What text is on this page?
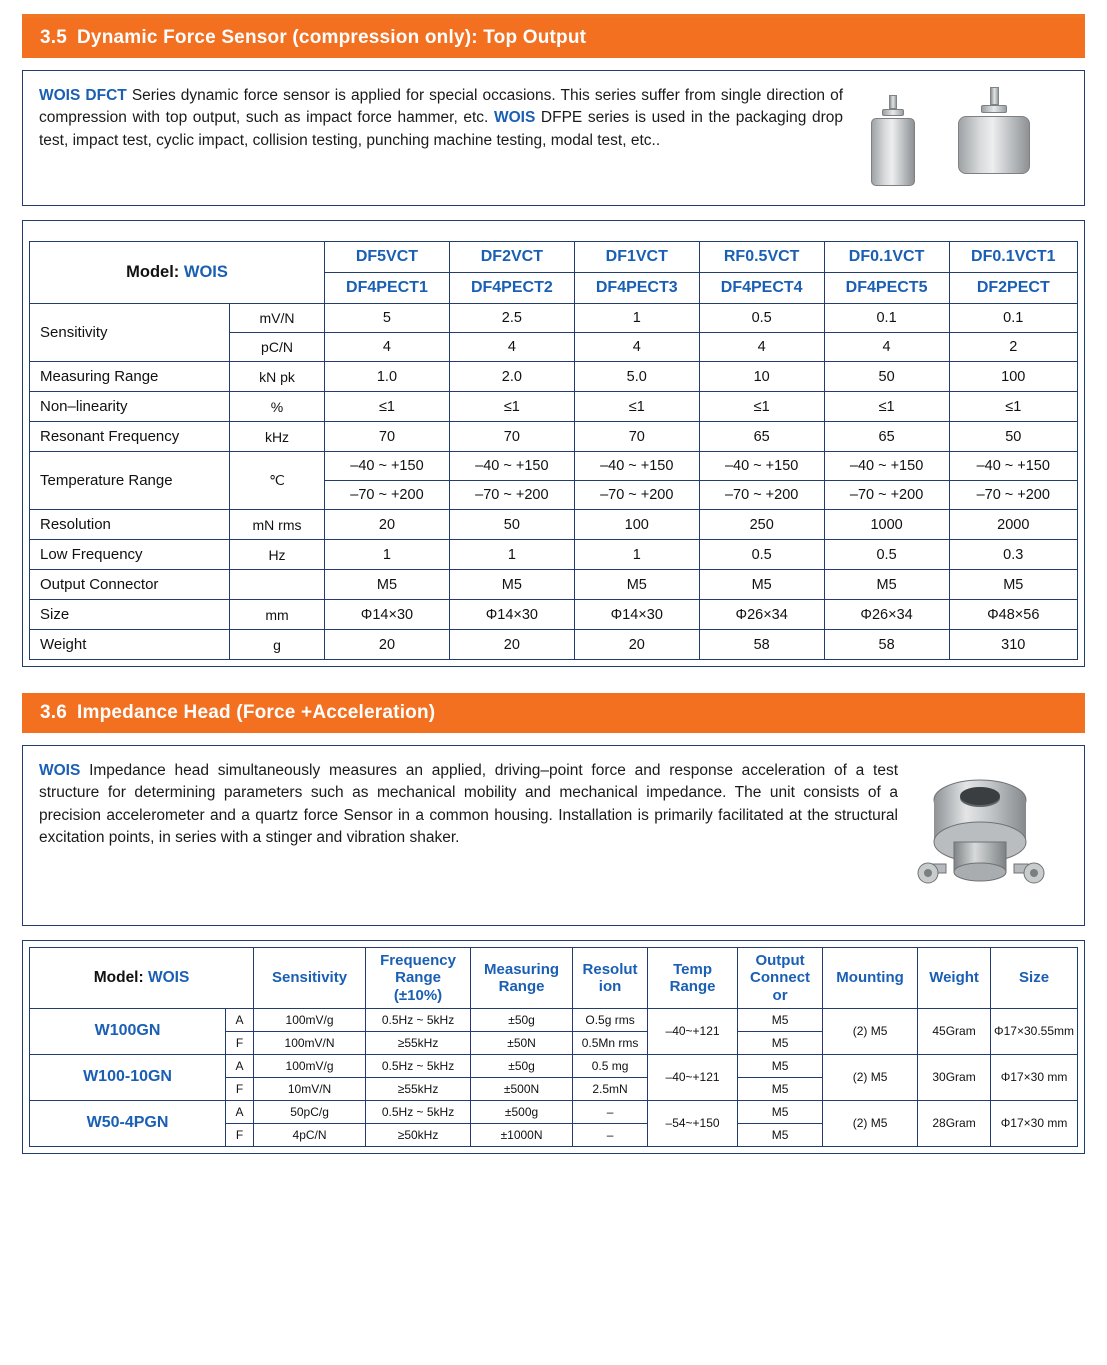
3.5 Dynamic Force Sensor (compression only): Top Output

WOIS DFCT Series dynamic force sensor is applied for special occasions. This series suffer from single direction of compression with top output, such as impact force hammer, etc. WOIS DFPE series is used in the packaging drop test, impact test, cyclic impact, collision testing, punching machine testing, modal test, etc..

Model: WOIS		DF5VCT	DF2VCT	DF1VCT	RF0.5VCT	DF0.1VCT	DF0.1VCT1
		DF4PECT1	DF4PECT2	DF4PECT3	DF4PECT4	DF4PECT5	DF2PECT
Sensitivity	mV/N	5	2.5	1	0.5	0.1	0.1
	pC/N	4	4	4	4	4	2
Measuring Range	kN pk	1.0	2.0	5.0	10	50	100
Non–linearity	%	≤1	≤1	≤1	≤1	≤1	≤1
Resonant Frequency	kHz	70	70	70	65	65	50
Temperature Range	℃	–40 ~ +150	–40 ~ +150	–40 ~ +150	–40 ~ +150	–40 ~ +150	–40 ~ +150
		–70 ~ +200	–70 ~ +200	–70 ~ +200	–70 ~ +200	–70 ~ +200	–70 ~ +200
Resolution	mN rms	20	50	100	250	1000	2000
Low Frequency	Hz	1	1	1	0.5	0.5	0.3
Output Connector		M5	M5	M5	M5	M5	M5
Size	mm	Φ14×30	Φ14×30	Φ14×30	Φ26×34	Φ26×34	Φ48×56
Weight	g	20	20	20	58	58	310
3.6 Impedance Head (Force +Acceleration)

WOIS Impedance head simultaneously measures an applied, driving–point force and response acceleration of a test structure for determining parameters such as mechanical mobility and mechanical impedance. The unit consists of a precision accelerometer and a quartz force Sensor in a common housing. Installation is primarily facilitated at the structural excitation points, in series with a stinger and vibration shaker.

Model: WOIS		Sensitivity	Frequency
Range
(±10%)	Measuring
Range	Resolut
ion	Temp
Range	Output
Connect
or	Mounting	Weight	Size
W100GN	A	100mV/g	0.5Hz ~ 5kHz	±50g	O.5g rms	–40~+121	M5	(2) M5	45Gram	Φ17×30.55mm
	F	100mV/N	≥55kHz	±50N	0.5Mn rms		M5			
W100-10GN	A	100mV/g	0.5Hz ~ 5kHz	±50g	0.5 mg	–40~+121	M5	(2) M5	30Gram	Φ17×30 mm
	F	10mV/N	≥55kHz	±500N	2.5mN		M5			
W50-4PGN	A	50pC/g	0.5Hz ~ 5kHz	±500g	–	–54~+150	M5	(2) M5	28Gram	Φ17×30 mm
	F	4pC/N	≥50kHz	±1000N	–		M5			
